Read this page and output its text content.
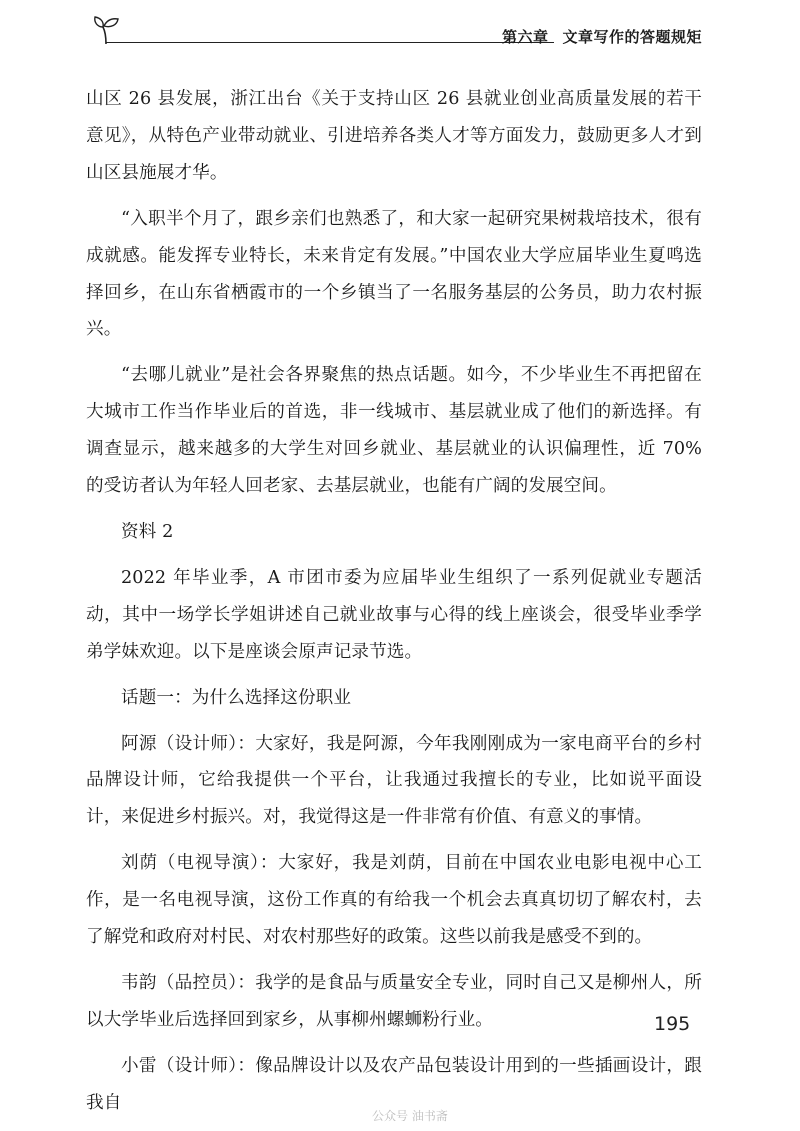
第六章 文章写作的答题规矩

山区 26 县发展，浙江出台《关于支持山区 26 县就业创业高质量发展的若干意见》，从特色产业带动就业、引进培养各类人才等方面发力，鼓励更多人才到山区县施展才华。

“入职半个月了，跟乡亲们也熟悉了，和大家一起研究果树栽培技术，很有成就感。能发挥专业特长，未来肯定有发展。”中国农业大学应届毕业生夏鸣选择回乡，在山东省栖霞市的一个乡镇当了一名服务基层的公务员，助力农村振兴。

“去哪儿就业”是社会各界聚焦的热点话题。如今，不少毕业生不再把留在大城市工作当作毕业后的首选，非一线城市、基层就业成了他们的新选择。有调查显示，越来越多的大学生对回乡就业、基层就业的认识偏理性，近 70% 的受访者认为年轻人回老家、去基层就业，也能有广阔的发展空间。

资料 2

2022 年毕业季，A 市团市委为应届毕业生组织了一系列促就业专题活动，其中一场学长学姐讲述自己就业故事与心得的线上座谈会，很受毕业季学弟学妹欢迎。以下是座谈会原声记录节选。

话题一：为什么选择这份职业

阿源（设计师）：大家好，我是阿源，今年我刚刚成为一家电商平台的乡村品牌设计师，它给我提供一个平台，让我通过我擅长的专业，比如说平面设计，来促进乡村振兴。对，我觉得这是一件非常有价值、有意义的事情。

刘荫（电视导演）：大家好，我是刘荫，目前在中国农业电影电视中心工作，是一名电视导演，这份工作真的有给我一个机会去真真切切了解农村，去了解党和政府对村民、对农村那些好的政策。这些以前我是感受不到的。

韦韵（品控员）：我学的是食品与质量安全专业，同时自己又是柳州人，所以大学毕业后选择回到家乡，从事柳州螺蛳粉行业。

小雷（设计师）：像品牌设计以及农产品包装设计用到的一些插画设计，跟我自

195
公众号 油书斋
